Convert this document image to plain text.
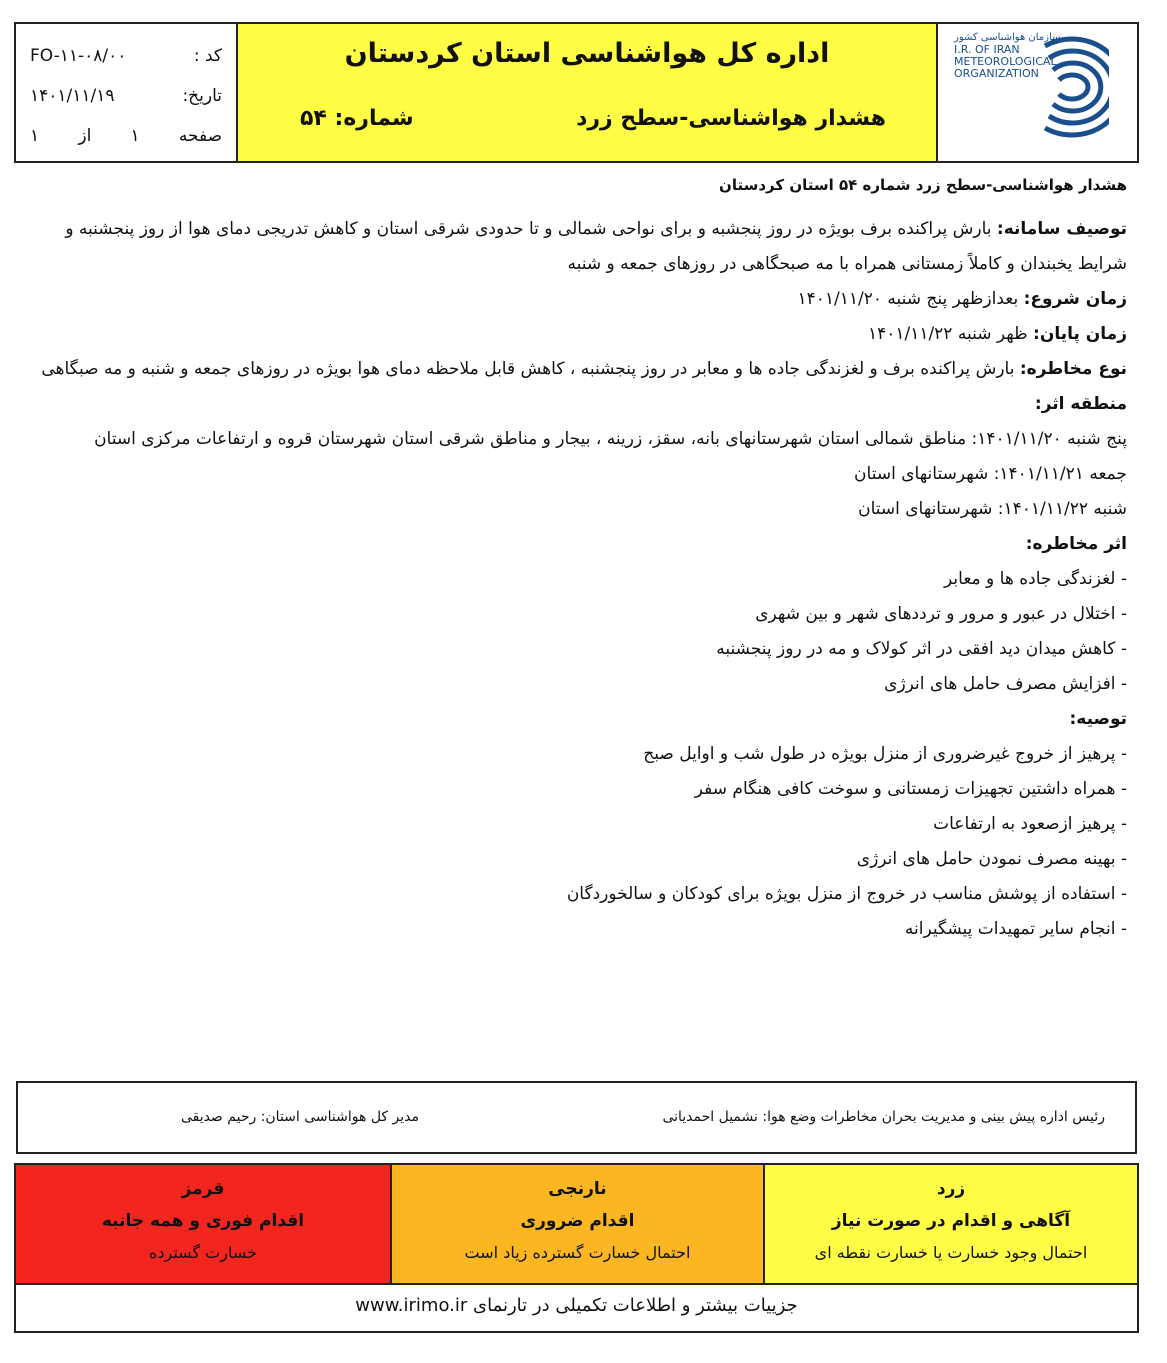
کد :
FO-۱۱-۰۸/۰۰
تاریخ:
۱۴۰۱/۱۱/۱۹
صفحه
۱
از
۱
اداره کل هواشناسی استان کردستان
هشدار هواشناسی-سطح زرد
شماره: ۵۴
سازمان هواشناسی کشور
I.R. OF IRAN
METEOROLOGICAL
ORGANIZATION
هشدار هواشناسی-سطح زرد شماره ۵۴ استان کردستان
توصیف سامانه: بارش پراکنده برف بویژه در روز پنجشبه و برای نواحی شمالی و تا حدودی شرقی استان و کاهش تدریجی دمای هوا از روز پنجشنبه و شرایط یخبندان و کاملاً زمستانی همراه با مه صبحگاهی در روزهای جمعه و شنبه
زمان شروع: بعدازظهر پنج شنبه ۱۴۰۱/۱۱/۲۰
زمان پایان: ظهر شنبه ۱۴۰۱/۱۱/۲۲
نوع مخاطره: بارش پراکنده برف و لغزندگی جاده ها و معابر در روز پنجشنبه ، کاهش قابل ملاحظه دمای هوا بویژه در روزهای جمعه و شنبه و مه صبگاهی
منطقه اثر:
پنج شنبه ۱۴۰۱/۱۱/۲۰: مناطق شمالی استان شهرستانهای بانه، سقز، زرینه ، بیجار و مناطق شرقی استان شهرستان قروه و ارتفاعات مرکزی استان
جمعه ۱۴۰۱/۱۱/۲۱: شهرستانهای استان
شنبه ۱۴۰۱/۱۱/۲۲: شهرستانهای استان
اثر مخاطره:
- لغزندگی جاده ها و معابر
- اختلال در عبور و مرور و ترددهای شهر و بین شهری
- کاهش میدان دید افقی در اثر کولاک و مه در روز پنجشنبه
- افزایش مصرف حامل های انرژی
توصیه:
- پرهیز از خروج غیرضروری از منزل بویژه در طول شب و اوایل صبح
- همراه داشتین تجهیزات زمستانی و سوخت کافی هنگام سفر
- پرهیز ازصعود به ارتفاعات
- بهینه مصرف نمودن حامل های انرژی
- استفاده از پوشش مناسب در خروج از منزل بویژه برای کودکان و سالخوردگان
- انجام سایر تمهیدات پیشگیرانه
رئیس اداره پیش بینی و مدیریت بحران مخاطرات وضع هوا: نشمیل احمدیانی
مدیر کل هواشناسی استان: رحیم صدیقی
قرمز
اقدام فوری و همه جانبه
خسارت گسترده
نارنجی
اقدام ضروری
احتمال خسارت گسترده زیاد است
زرد
آگاهی و اقدام در صورت نیاز
احتمال وجود خسارت یا خسارت نقطه ای
جزییات بیشتر و اطلاعات تکمیلی در تارنمای www.irimo.ir
